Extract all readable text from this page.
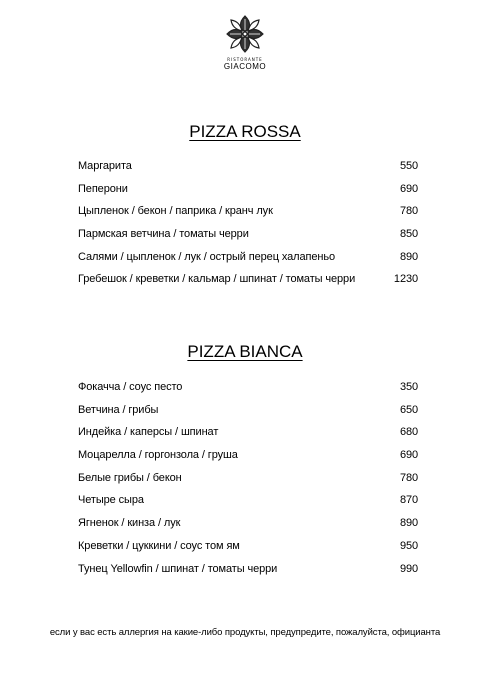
RISTORANTE
GIACOMO
PIZZA ROSSA
Маргарита	550
Пеперони	690
Цыпленок / бекон / паприка / кранч лук	780
Пармская ветчина / томаты черри	850
Салями / цыпленок / лук / острый перец халапеньо	890
Гребешок / креветки / кальмар / шпинат / томаты черри	1230
PIZZA BIANCA
Фокачча / соус песто	350
Ветчина / грибы	650
Индейка / каперсы / шпинат	680
Моцарелла / горгонзола / груша	690
Белые грибы / бекон	780
Четыре сыра	870
Ягненок / кинза / лук	890
Креветки / цуккини / соус том ям	950
Тунец Yellowfin / шпинат / томаты черри	990
если у вас есть аллергия на какие-либо продукты, предупредите, пожалуйста, официанта
